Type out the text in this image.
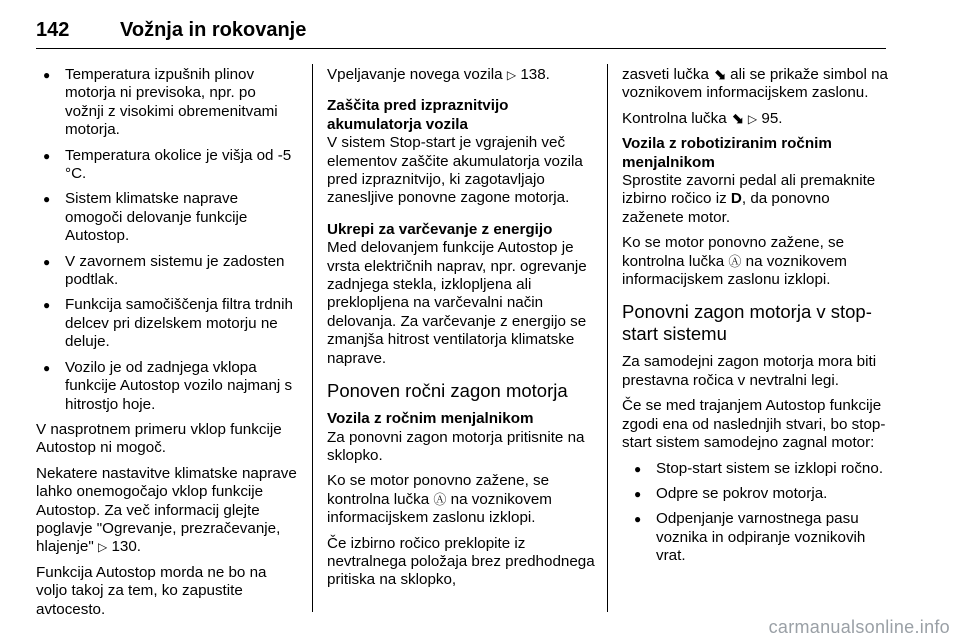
142	Vožnja in rokovanje
● Temperatura izpušnih plinov motorja ni previsoka, npr. po vožnji z visokimi obremenitvami motorja.
● Temperatura okolice je višja od -5 °C.
● Sistem klimatske naprave omogoči delovanje funkcije Autostop.
● V zavornem sistemu je zadosten podtlak.
● Funkcija samočiščenja filtra trdnih delcev pri dizelskem motorju ne deluje.
● Vozilo je od zadnjega vklopa funkcije Autostop vozilo najmanj s hitrostjo hoje.

V nasprotnem primeru vklop funkcije Autostop ni mogoč.

Nekatere nastavitve klimatske naprave lahko onemogočajo vklop funkcije Autostop. Za več informacij glejte poglavje "Ogrevanje, prezračevanje, hlajenje" ▷ 130.

Funkcija Autostop morda ne bo na voljo takoj za tem, ko zapustite avtocesto.

Vpeljavanje novega vozila ▷ 138.

Zaščita pred izpraznitvijo akumulatorja vozila

V sistem Stop-start je vgrajenih več elementov zaščite akumulatorja vozila pred izpraznitvijo, ki zagotavljajo zanesljive ponovne zagone motorja.

Ukrepi za varčevanje z energijo

Med delovanjem funkcije Autostop je vrsta električnih naprav, npr. ogrevanje zadnjega stekla, izklopljena ali preklopljena na varčevalni način delovanja. Za varčevanje z energijo se zmanjša hitrost ventilatorja klimatske naprave.

Ponoven ročni zagon motorja

Vozila z ročnim menjalnikom

Za ponovni zagon motorja pritisnite na sklopko.

Ko se motor ponovno zažene, se kontrolna lučka Ⓐ na voznikovem informacijskem zaslonu izklopi.

Če izbirno ročico preklopite iz nevtralnega položaja brez predhodnega pritiska na sklopko,

zasveti lučka ⬊ ali se prikaže simbol na voznikovem informacijskem zaslonu.

Kontrolna lučka ⬊ ▷ 95.

Vozila z robotiziranim ročnim menjalnikom

Sprostite zavorni pedal ali premaknite izbirno ročico iz D, da ponovno zaženete motor.

Ko se motor ponovno zažene, se kontrolna lučka Ⓐ na voznikovem informacijskem zaslonu izklopi.

Ponovni zagon motorja v stop-start sistemu

Za samodejni zagon motorja mora biti prestavna ročica v nevtralni legi.

Če se med trajanjem Autostop funkcije zgodi ena od naslednjih stvari, bo stop-start sistem samodejno zagnal motor:

● Stop-start sistem se izklopi ročno.
● Odpre se pokrov motorja.
● Odpenjanje varnostnega pasu voznika in odpiranje voznikovih vrat.
carmanualsonline.info
